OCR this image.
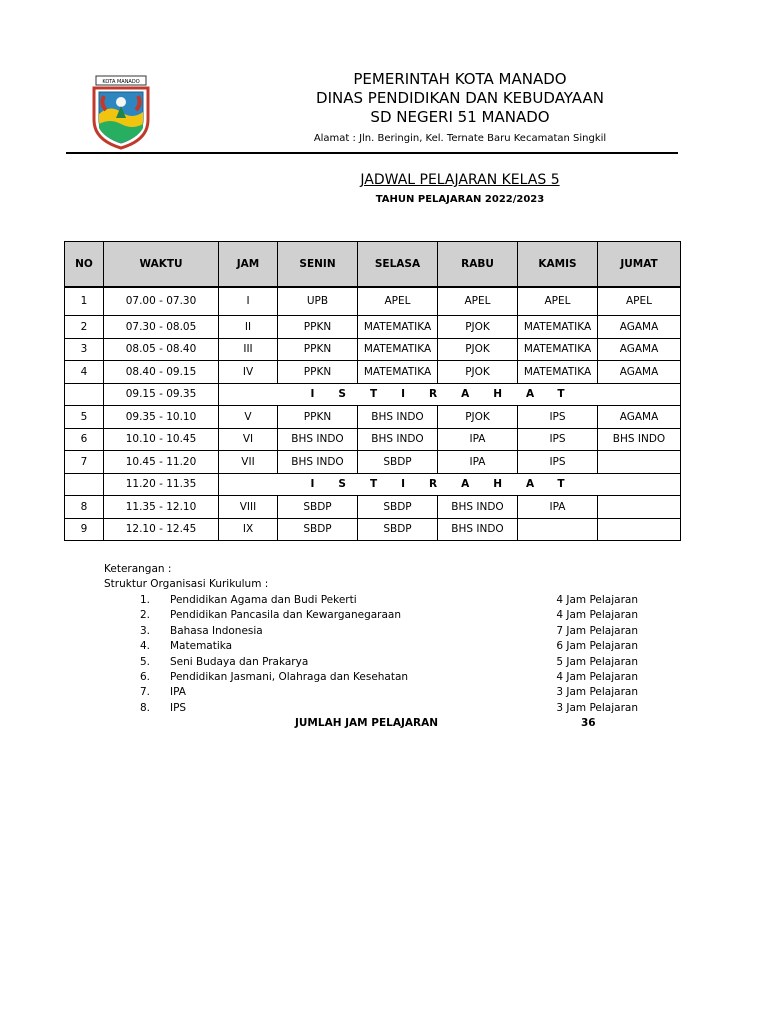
KOTA MANADO	PEMERINTAH KOTA MANADO
DINAS PENDIDIKAN DAN KEBUDAYAAN
SD NEGERI 51 MANADO
Alamat : Jln. Beringin, Kel. Ternate Baru Kecamatan Singkil
JADWAL PELAJARAN KELAS 5
TAHUN PELAJARAN 2022/2023
NO	WAKTU	JAM	SENIN	SELASA	RABU	KAMIS	JUMAT
1	07.00 - 07.30	I	UPB	APEL	APEL	APEL	APEL
2	07.30 - 08.05	II	PPKN	MATEMATIKA	PJOK	MATEMATIKA	AGAMA
3	08.05 - 08.40	III	PPKN	MATEMATIKA	PJOK	MATEMATIKA	AGAMA
4	08.40 - 09.15	IV	PPKN	MATEMATIKA	PJOK	MATEMATIKA	AGAMA
	09.15 - 09.35	ISTIRAHAT					
5	09.35 - 10.10	V	PPKN	BHS INDO	PJOK	IPS	AGAMA
6	10.10 - 10.45	VI	BHS INDO	BHS INDO	IPA	IPS	BHS INDO
7	10.45 - 11.20	VII	BHS INDO	SBDP	IPA	IPS	
	11.20 - 11.35	ISTIRAHAT					
8	11.35 - 12.10	VIII	SBDP	SBDP	BHS INDO	IPA	
9	12.10 - 12.45	IX	SBDP	SBDP	BHS INDO		
Keterangan :
Struktur Organisasi Kurikulum :
1. Pendidikan Agama dan Budi Pekerti	4 Jam Pelajaran
2. Pendidikan Pancasila dan Kewarganegaraan	4 Jam Pelajaran
3. Bahasa Indonesia	7 Jam Pelajaran
4. Matematika	6 Jam Pelajaran
5. Seni Budaya dan Prakarya	5 Jam Pelajaran
6. Pendidikan Jasmani, Olahraga dan Kesehatan	4 Jam Pelajaran
7. IPA	3 Jam Pelajaran
8. IPS	3 Jam Pelajaran
JUMLAH JAM PELAJARAN	36
